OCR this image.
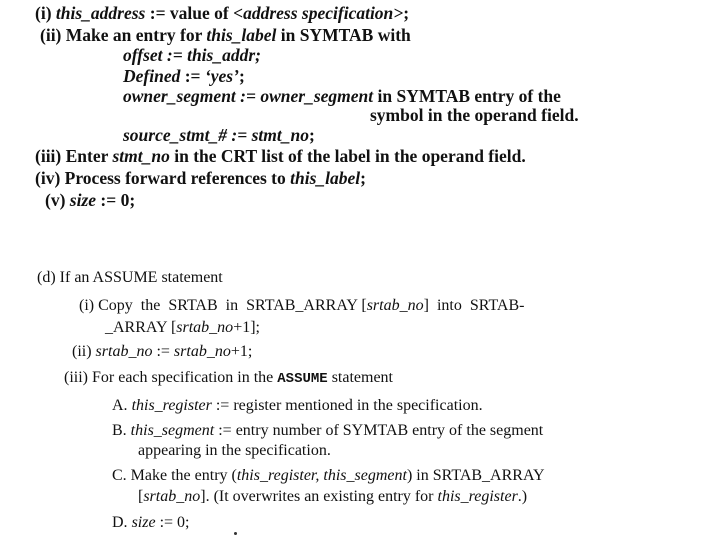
(i) this_address := value of <address specification>;
(ii) Make an entry for this_label in SYMTAB with
offset := this_addr;
Defined := ‘yes’;
owner_segment := owner_segment in SYMTAB entry of the
symbol in the operand field.
source_stmt_# := stmt_no;
(iii) Enter stmt_no in the CRT list of the label in the operand field.
(iv) Process forward references to this_label;
(v) size := 0;
(d) If an ASSUME statement
(i) Copy  the  SRTAB  in  SRTAB_ARRAY [srtab_no]  into  SRTAB-
_ARRAY [srtab_no+1];
(ii) srtab_no := srtab_no+1;
(iii) For each specification in the ASSUME statement
A. this_register := register mentioned in the specification.
B. this_segment := entry number of SYMTAB entry of the segment
appearing in the specification.
C. Make the entry (this_register, this_segment) in SRTAB_ARRAY
[srtab_no]. (It overwrites an existing entry for this_register.)
D. size := 0;
